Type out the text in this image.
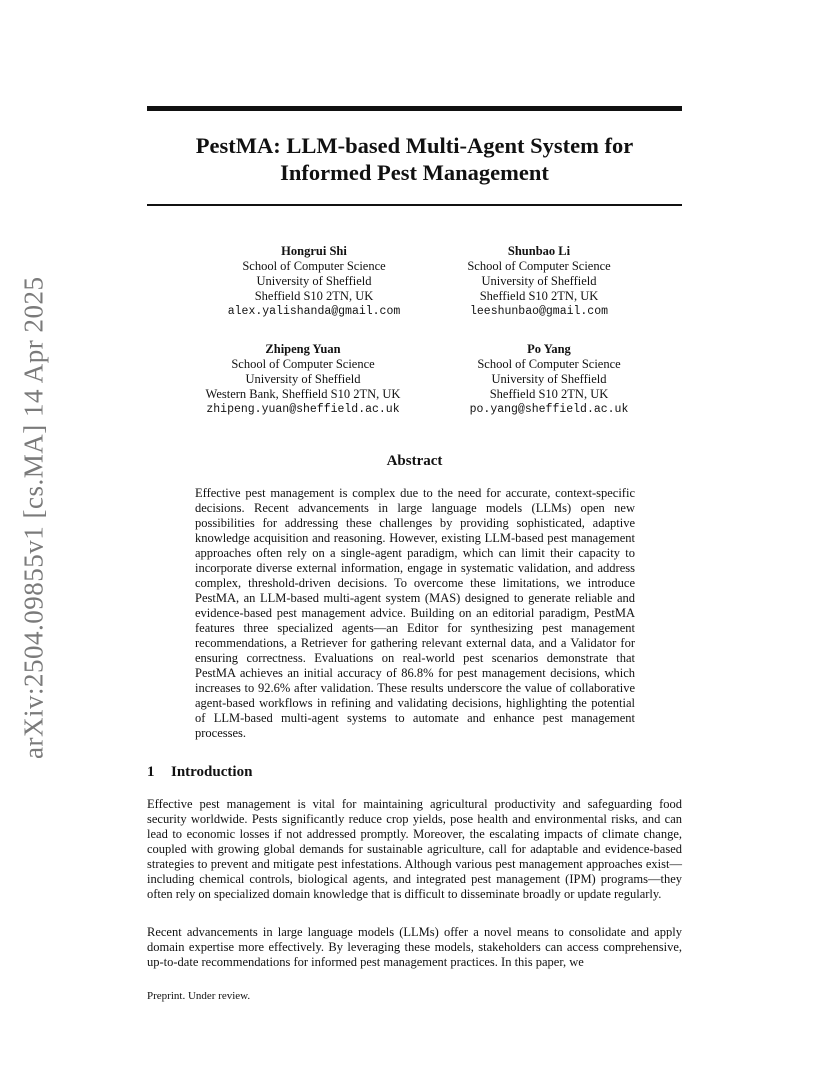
arXiv:2504.09855v1 [cs.MA] 14 Apr 2025
PestMA: LLM-based Multi-Agent System for
Informed Pest Management
Hongrui Shi
School of Computer Science
University of Sheffield
Sheffield S10 2TN, UK
alex.yalishanda@gmail.com
Shunbao Li
School of Computer Science
University of Sheffield
Sheffield S10 2TN, UK
leeshunbao@gmail.com
Zhipeng Yuan
School of Computer Science
University of Sheffield
Western Bank, Sheffield S10 2TN, UK
zhipeng.yuan@sheffield.ac.uk
Po Yang
School of Computer Science
University of Sheffield
Sheffield S10 2TN, UK
po.yang@sheffield.ac.uk
Abstract

Effective pest management is complex due to the need for accurate, context-specific decisions. Recent advancements in large language models (LLMs) open new possibilities for addressing these challenges by providing sophisticated, adaptive knowledge acquisition and reasoning. However, existing LLM-based pest management approaches often rely on a single-agent paradigm, which can limit their capacity to incorporate diverse external information, engage in systematic validation, and address complex, threshold-driven decisions. To overcome these limitations, we introduce PestMA, an LLM-based multi-agent system (MAS) designed to generate reliable and evidence-based pest management advice. Building on an editorial paradigm, PestMA features three specialized agents—an Editor for synthesizing pest management recommendations, a Retriever for gathering relevant external data, and a Validator for ensuring correctness. Evaluations on real-world pest scenarios demonstrate that PestMA achieves an initial accuracy of 86.8% for pest management decisions, which increases to 92.6% after validation. These results underscore the value of collaborative agent-based workflows in refining and validating decisions, highlighting the potential of LLM-based multi-agent systems to automate and enhance pest management processes.

1 Introduction

Effective pest management is vital for maintaining agricultural productivity and safeguarding food security worldwide. Pests significantly reduce crop yields, pose health and environmental risks, and can lead to economic losses if not addressed promptly. Moreover, the escalating impacts of climate change, coupled with growing global demands for sustainable agriculture, call for adaptable and evidence-based strategies to prevent and mitigate pest infestations. Although various pest management approaches exist—including chemical controls, biological agents, and integrated pest management (IPM) programs—they often rely on specialized domain knowledge that is difficult to disseminate broadly or update regularly.

Recent advancements in large language models (LLMs) offer a novel means to consolidate and apply domain expertise more effectively. By leveraging these models, stakeholders can access comprehensive, up-to-date recommendations for informed pest management practices. In this paper, we

Preprint. Under review.
